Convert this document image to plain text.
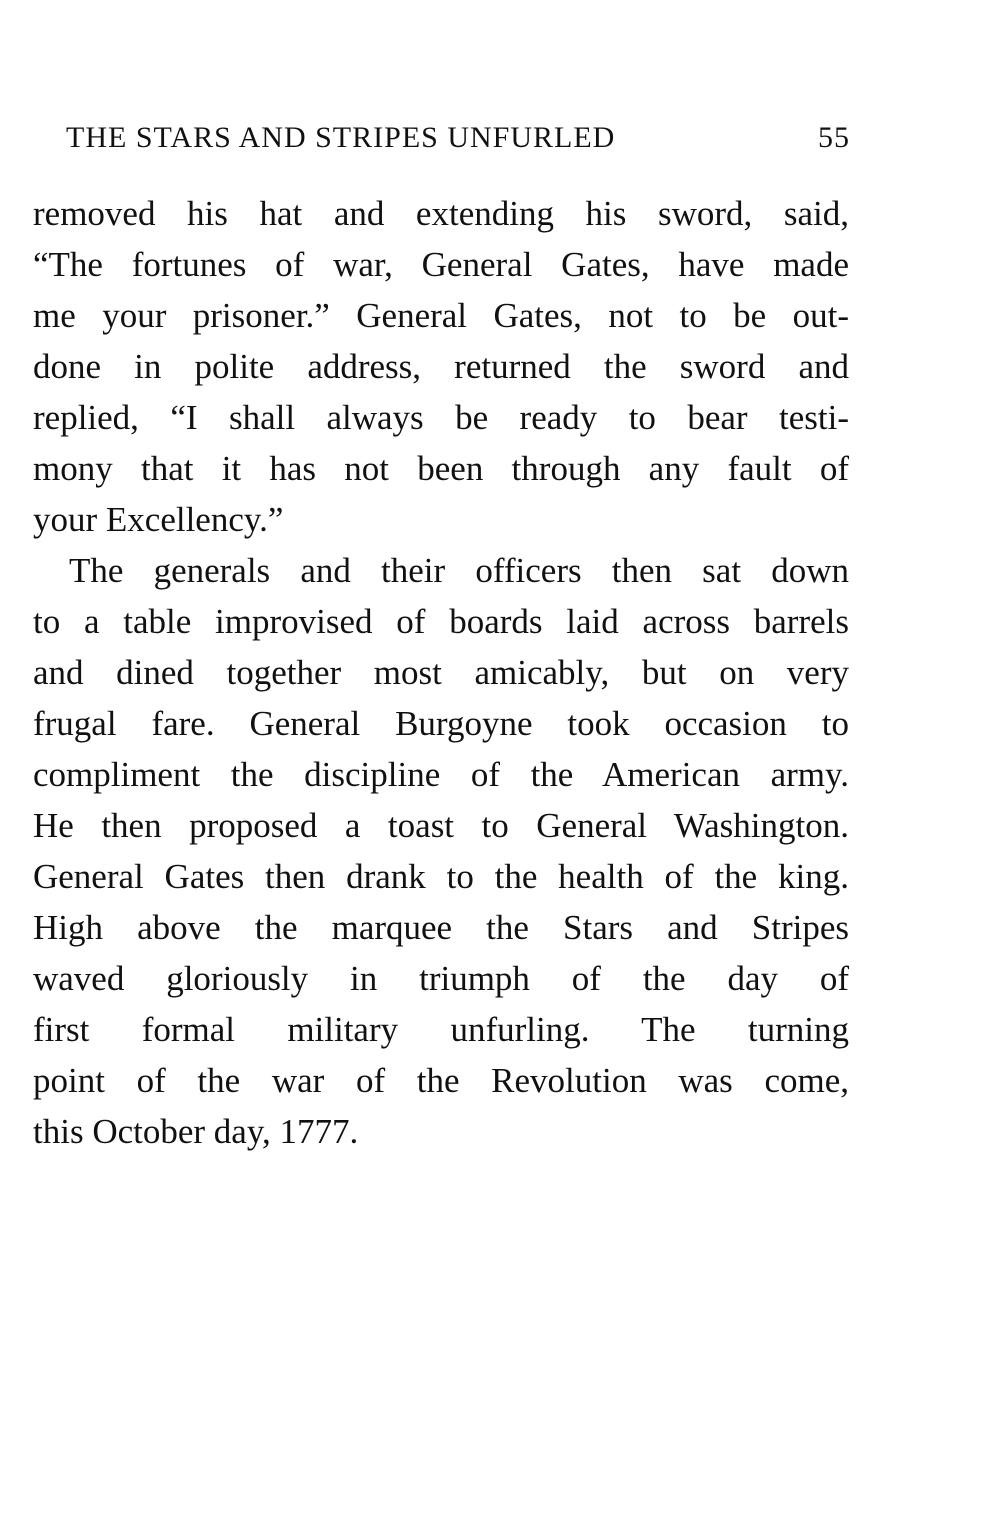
THE STARS AND STRIPES UNFURLED	55
removed his hat and extending his sword, said,
“The fortunes of war, General Gates, have made
me your prisoner.” General Gates, not to be out-
done in polite address, returned the sword and
replied, “I shall always be ready to bear testi-
mony that it has not been through any fault of
your Excellency.”
The generals and their officers then sat down
to a table improvised of boards laid across barrels
and dined together most amicably, but on very
frugal fare. General Burgoyne took occasion to
compliment the discipline of the American army.
He then proposed a toast to General Washington.
General Gates then drank to the health of the king.
High above the marquee the Stars and Stripes
waved gloriously in triumph of the day of
first formal military unfurling. The turning
point of the war of the Revolution was come,
this October day, 1777.
